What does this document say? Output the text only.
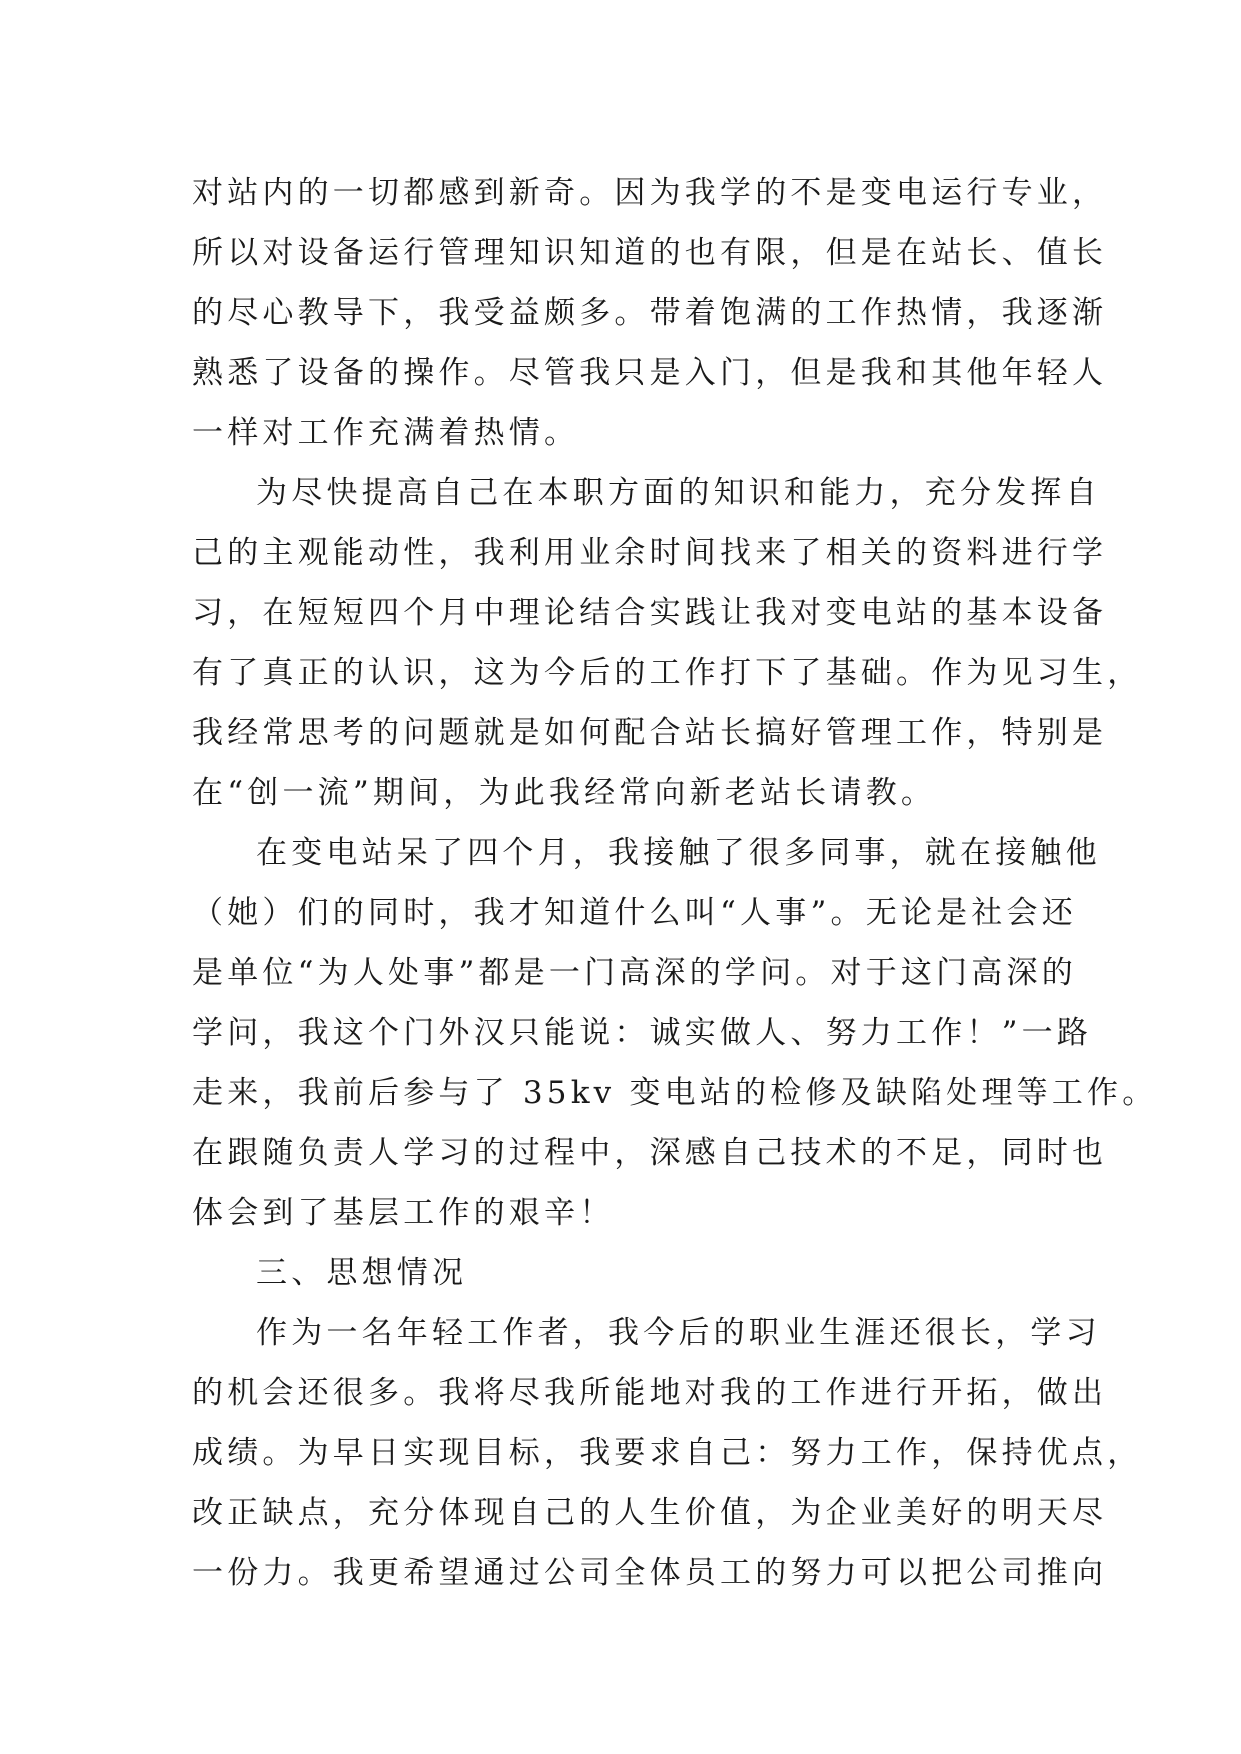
对站内的一切都感到新奇。因为我学的不是变电运行专业，
所以对设备运行管理知识知道的也有限，但是在站长、值长
的尽心教导下，我受益颇多。带着饱满的工作热情，我逐渐
熟悉了设备的操作。尽管我只是入门，但是我和其他年轻人
一样对工作充满着热情。
为尽快提高自己在本职方面的知识和能力，充分发挥自
己的主观能动性，我利用业余时间找来了相关的资料进行学
习，在短短四个月中理论结合实践让我对变电站的基本设备
有了真正的认识，这为今后的工作打下了基础。作为见习生，
我经常思考的问题就是如何配合站长搞好管理工作，特别是
在“创一流”期间，为此我经常向新老站长请教。
在变电站呆了四个月，我接触了很多同事，就在接触他
（她）们的同时，我才知道什么叫“人事”。无论是社会还
是单位“为人处事”都是一门高深的学问。对于这门高深的
学问，我这个门外汉只能说：诚实做人、努力工作！”一路
走来，我前后参与了 35kv 变电站的检修及缺陷处理等工作。
在跟随负责人学习的过程中，深感自己技术的不足，同时也
体会到了基层工作的艰辛！
三、思想情况
作为一名年轻工作者，我今后的职业生涯还很长，学习
的机会还很多。我将尽我所能地对我的工作进行开拓，做出
成绩。为早日实现目标，我要求自己：努力工作，保持优点，
改正缺点，充分体现自己的人生价值，为企业美好的明天尽
一份力。我更希望通过公司全体员工的努力可以把公司推向
